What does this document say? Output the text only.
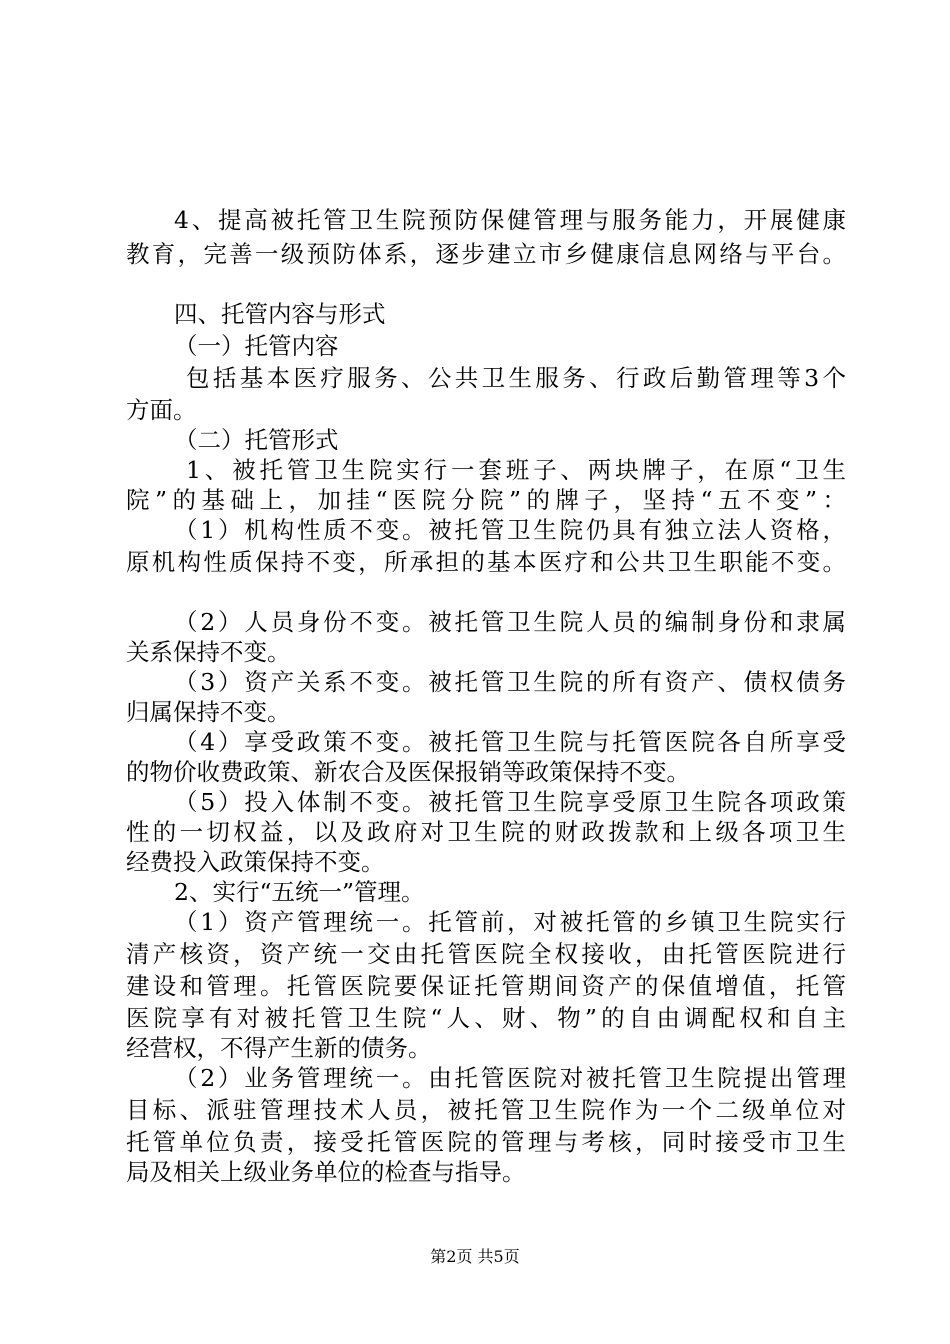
4、提高被托管卫生院预防保健管理与服务能力，开展健康
教育，完善一级预防体系，逐步建立市乡健康信息网络与平台。
四、托管内容与形式
（一）托管内容
包括基本医疗服务、公共卫生服务、行政后勤管理等3个
方面。
（二）托管形式
1、被托管卫生院实行一套班子、两块牌子，在原“卫生
院”的基础上，加挂“医院分院”的牌子，坚持“五不变”：
（1）机构性质不变。被托管卫生院仍具有独立法人资格，
原机构性质保持不变，所承担的基本医疗和公共卫生职能不变。
（2）人员身份不变。被托管卫生院人员的编制身份和隶属
关系保持不变。
（3）资产关系不变。被托管卫生院的所有资产、债权债务
归属保持不变。
（4）享受政策不变。被托管卫生院与托管医院各自所享受
的物价收费政策、新农合及医保报销等政策保持不变。
（5）投入体制不变。被托管卫生院享受原卫生院各项政策
性的一切权益，以及政府对卫生院的财政拨款和上级各项卫生
经费投入政策保持不变。
2、实行“五统一”管理。
（1）资产管理统一。托管前，对被托管的乡镇卫生院实行
清产核资，资产统一交由托管医院全权接收，由托管医院进行
建设和管理。托管医院要保证托管期间资产的保值增值，托管
医院享有对被托管卫生院“人、财、物”的自由调配权和自主
经营权，不得产生新的债务。
（2）业务管理统一。由托管医院对被托管卫生院提出管理
目标、派驻管理技术人员，被托管卫生院作为一个二级单位对
托管单位负责，接受托管医院的管理与考核，同时接受市卫生
局及相关上级业务单位的检查与指导。
第2页 共5页
